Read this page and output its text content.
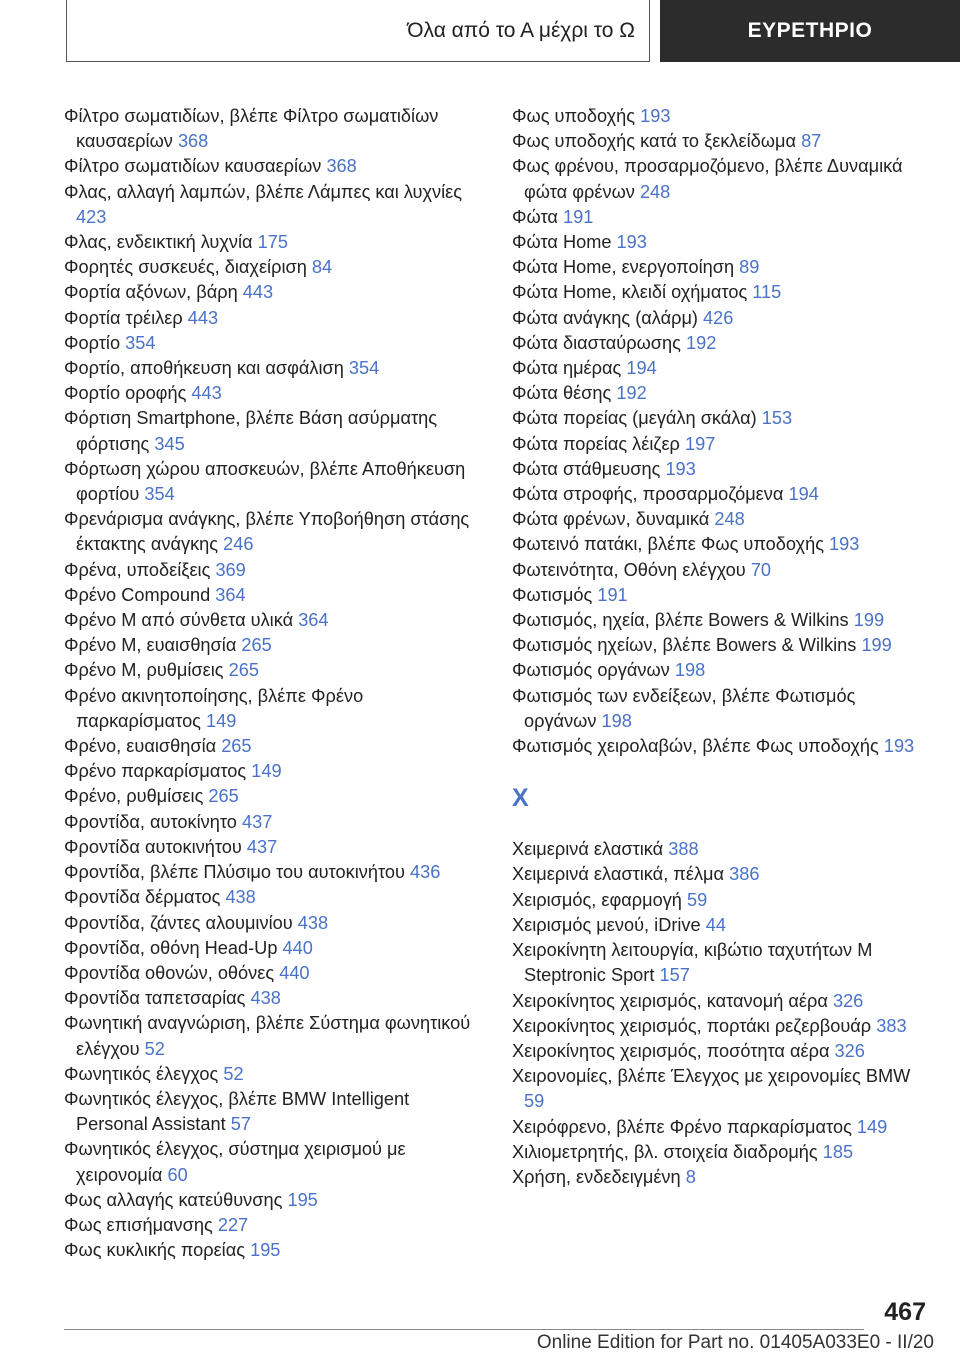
Όλα από το Α μέχρι το Ω	ΕΥΡΕΤΗΡΙΟ
Φίλτρο σωματιδίων, βλέπε Φίλτρο σωματιδίων καυσαερίων 368
Φίλτρο σωματιδίων καυσαερίων 368
Φλας, αλλαγή λαμπών, βλέπε Λάμπες και λυχνίες 423
Φλας, ενδεικτική λυχνία 175
Φορητές συσκευές, διαχείριση 84
Φορτία αξόνων, βάρη 443
Φορτία τρέιλερ 443
Φορτίο 354
Φορτίο, αποθήκευση και ασφάλιση 354
Φορτίο οροφής 443
Φόρτιση Smartphone, βλέπε Βάση ασύρματης φόρτισης 345
Φόρτωση χώρου αποσκευών, βλέπε Αποθήκευση φορτίου 354
Φρενάρισμα ανάγκης, βλέπε Υποβοήθηση στάσης έκτακτης ανάγκης 246
Φρένα, υποδείξεις 369
Φρένο Compound 364
Φρένο M από σύνθετα υλικά 364
Φρένο M, ευαισθησία 265
Φρένο M, ρυθμίσεις 265
Φρένο ακινητοποίησης, βλέπε Φρένο παρκαρίσματος 149
Φρένο, ευαισθησία 265
Φρένο παρκαρίσματος 149
Φρένο, ρυθμίσεις 265
Φροντίδα, αυτοκίνητο 437
Φροντίδα αυτοκινήτου 437
Φροντίδα, βλέπε Πλύσιμο του αυτοκινήτου 436
Φροντίδα δέρματος 438
Φροντίδα, ζάντες αλουμινίου 438
Φροντίδα, οθόνη Head-Up 440
Φροντίδα οθονών, οθόνες 440
Φροντίδα ταπετσαρίας 438
Φωνητική αναγνώριση, βλέπε Σύστημα φωνητικού ελέγχου 52
Φωνητικός έλεγχος 52
Φωνητικός έλεγχος, βλέπε BMW Intelligent Personal Assistant 57
Φωνητικός έλεγχος, σύστημα χειρισμού με χειρονομία 60
Φως αλλαγής κατεύθυνσης 195
Φως επισήμανσης 227
Φως κυκλικής πορείας 195
Φως υποδοχής 193
Φως υποδοχής κατά το ξεκλείδωμα 87
Φως φρένου, προσαρμοζόμενο, βλέπε Δυναμικά φώτα φρένων 248
Φώτα 191
Φώτα Home 193
Φώτα Home, ενεργοποίηση 89
Φώτα Home, κλειδί οχήματος 115
Φώτα ανάγκης (αλάρμ) 426
Φώτα διασταύρωσης 192
Φώτα ημέρας 194
Φώτα θέσης 192
Φώτα πορείας (μεγάλη σκάλα) 153
Φώτα πορείας λέιζερ 197
Φώτα στάθμευσης 193
Φώτα στροφής, προσαρμοζόμενα 194
Φώτα φρένων, δυναμικά 248
Φωτεινό πατάκι, βλέπε Φως υποδοχής 193
Φωτεινότητα, Οθόνη ελέγχου 70
Φωτισμός 191
Φωτισμός, ηχεία, βλέπε Bowers & Wilkins 199
Φωτισμός ηχείων, βλέπε Bowers & Wilkins 199
Φωτισμός οργάνων 198
Φωτισμός των ενδείξεων, βλέπε Φωτισμός οργάνων 198
Φωτισμός χειρολαβών, βλέπε Φως υποδοχής 193
Χ
Χειμερινά ελαστικά 388
Χειμερινά ελαστικά, πέλμα 386
Χειρισμός, εφαρμογή 59
Χειρισμός μενού, iDrive 44
Χειροκίνητη λειτουργία, κιβώτιο ταχυτήτων M Steptronic Sport 157
Χειροκίνητος χειρισμός, κατανομή αέρα 326
Χειροκίνητος χειρισμός, πορτάκι ρεζερβουάρ 383
Χειροκίνητος χειρισμός, ποσότητα αέρα 326
Χειρονομίες, βλέπε Έλεγχος με χειρονομίες BMW 59
Χειρόφρενο, βλέπε Φρένο παρκαρίσματος 149
Χιλιομετρητής, βλ. στοιχεία διαδρομής 185
Χρήση, ενδεδειγμένη 8
467
Online Edition for Part no. 01405A033E0 - II/20
